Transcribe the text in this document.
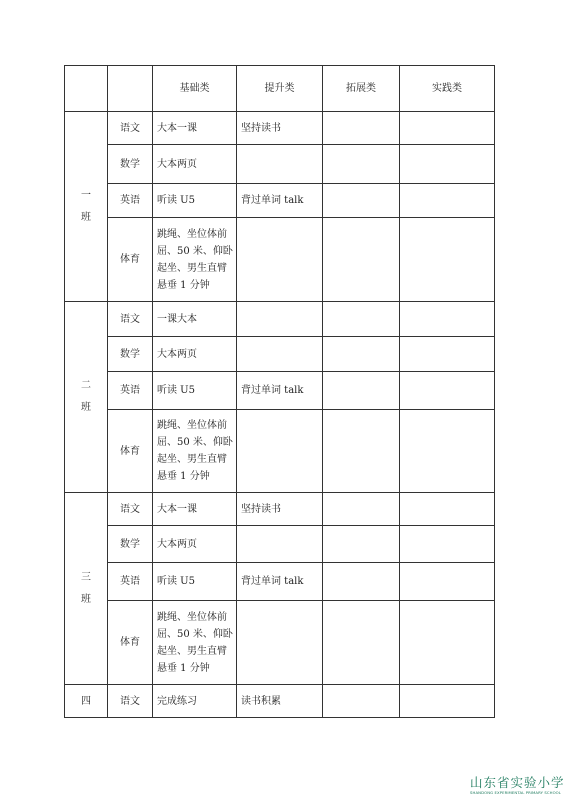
		基础类	提升类	拓展类	实践类
一班	语文	大本一课	坚持读书		
	数学	大本两页			
	英语	听读 U5	背过单词 talk		
	体育	跳绳、坐位体前屈、50 米、仰卧起坐、男生直臂悬垂 1 分钟			
二班	语文	一课大本			
	数学	大本两页			
	英语	听读 U5	背过单词 talk		
	体育	跳绳、坐位体前屈、50 米、仰卧起坐、男生直臂悬垂 1 分钟			
三班	语文	大本一课	坚持读书		
	数学	大本两页			
	英语	听读 U5	背过单词 talk		
	体育	跳绳、坐位体前屈、50 米、仰卧起坐、男生直臂悬垂 1 分钟			
四	语文	完成练习	读书积累		
山东省实验小学
SHANDONG EXPERIMENTAL PRIMARY SCHOOL
